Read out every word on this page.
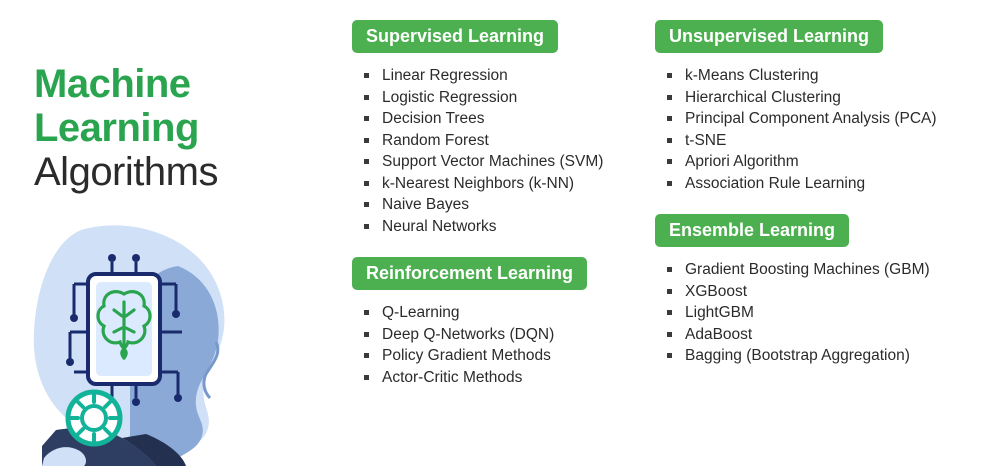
Machine
Learning
Algorithms
Supervised Learning
Linear Regression
Logistic Regression
Decision Trees
Random Forest
Support Vector Machines (SVM)
k-Nearest Neighbors (k-NN)
Naive Bayes
Neural Networks
Reinforcement Learning
Q-Learning
Deep Q-Networks (DQN)
Policy Gradient Methods
Actor-Critic Methods
Unsupervised Learning
k-Means Clustering
Hierarchical Clustering
Principal Component Analysis (PCA)
t-SNE
Apriori Algorithm
Association Rule Learning
Ensemble Learning
Gradient Boosting Machines (GBM)
XGBoost
LightGBM
AdaBoost
Bagging (Bootstrap Aggregation)
